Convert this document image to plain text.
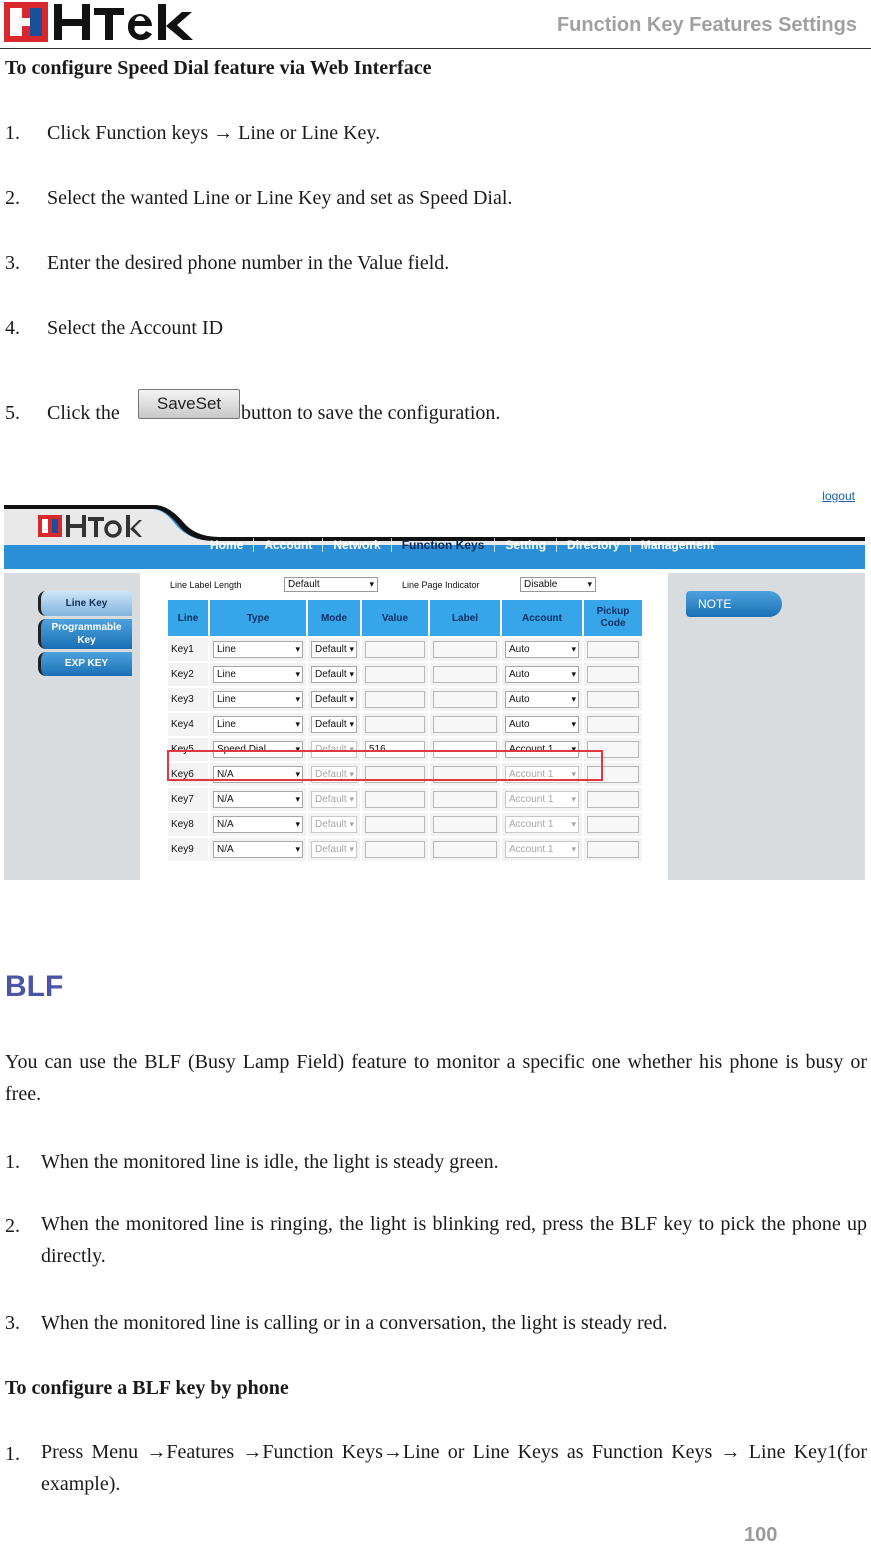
Function Key Features Settings
To configure Speed Dial feature via Web Interface
1. Click Function keys → Line or Line Key.
2. Select the wanted Line or Line Key and set as Speed Dial.
3. Enter the desired phone number in the Value field.
4. Select the Account ID
5. Click the	SaveSet button to save the configuration.
logout
Home	Account	Network	Function Keys	Setting	Directory	Management
Line Key
Programmable Key
EXP KEY
Line Label Length	Default ▾	Line Page Indicator	Disable ▾
Line	Type	Mode	Value	Label	Account	Pickup Code
Key1	Line ▾	Default ▾			Auto ▾	
Key2	Line ▾	Default ▾			Auto ▾	
Key3	Line ▾	Default ▾			Auto ▾	
Key4	Line ▾	Default ▾			Auto ▾	
Key5	Speed Dial ▾	Default ▾	516		Account 1 ▾	
Key6	N/A ▾	Default ▾			Account 1 ▾	
Key7	N/A ▾	Default ▾			Account 1 ▾	
Key8	N/A ▾	Default ▾			Account 1 ▾	
Key9	N/A ▾	Default ▾			Account 1 ▾	
NOTE
BLF
You can use the BLF (Busy Lamp Field) feature to monitor a specific one whether his phone is busy or free.
1. When the monitored line is idle, the light is steady green.
2. When the monitored line is ringing, the light is blinking red, press the BLF key to pick the phone up directly.
3. When the monitored line is calling or in a conversation, the light is steady red.
To configure a BLF key by phone
1. Press Menu →Features →Function Keys→Line or Line Keys as Function Keys → Line Key1(for example).
100
